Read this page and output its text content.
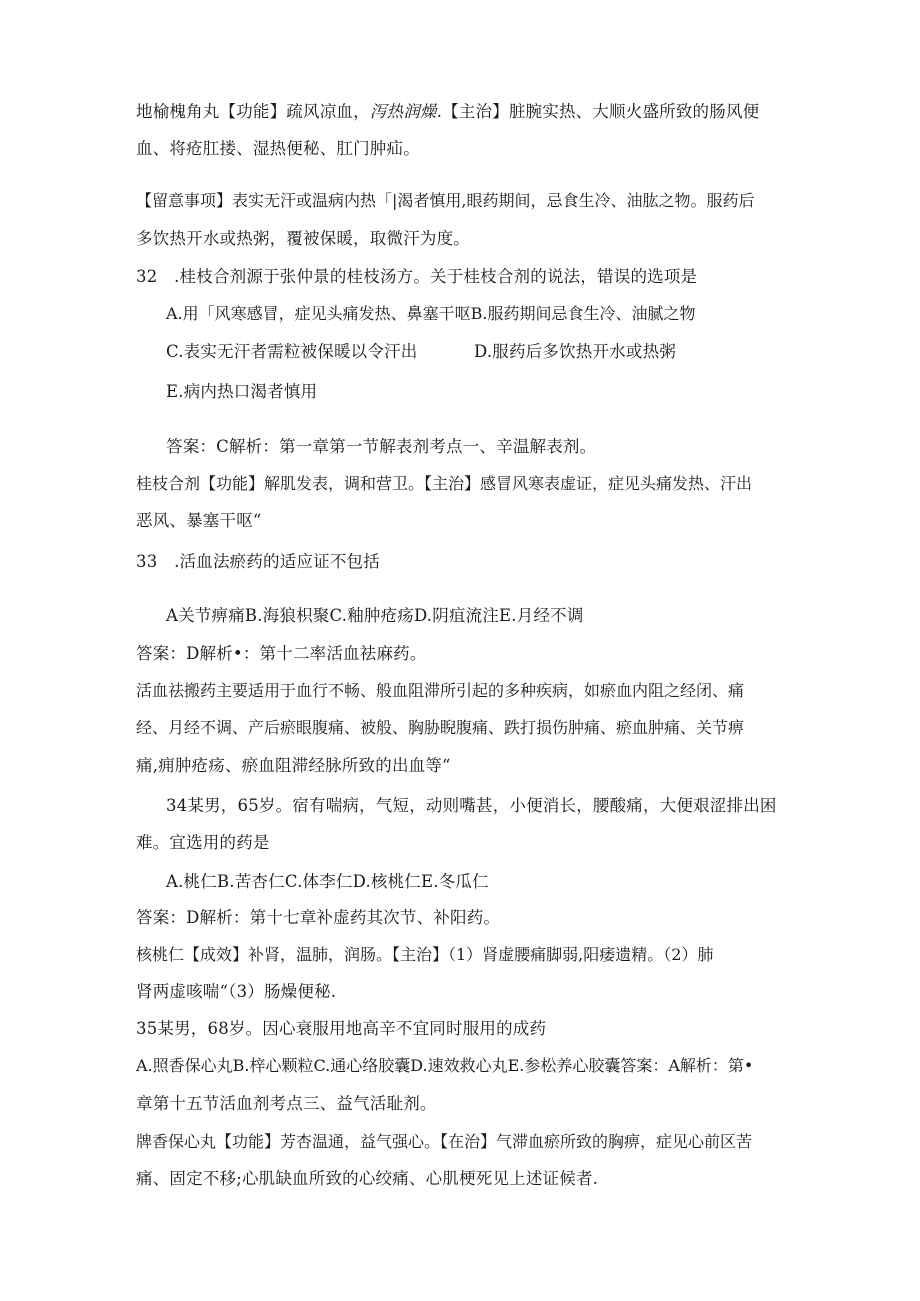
地榆槐角丸【功能】疏风凉血，泻热润燥.【主治】脏腕实热、大顺火盛所致的肠风便
血、将疮肛搂、湿热便秘、肛门肿疝。
【留意事项】表实无汗或温病内热「|渴者慎用,眼药期间，忌食生冷、油肱之物。服药后
多饮热开水或热粥，覆被保暖，取微汗为度。
32　.桂枝合剂源于张仲景的桂枝汤方。关于桂枝合剂的说法，错误的选项是
A.用「风寒感冒，症见头痛发热、鼻塞干呕B.服药期间忌食生冷、油腻之物
C.表实无汗者需粒被保暖以令汗出	D.服药后多饮热开水或热粥
E.病内热口渴者慎用
答案：C解析：第一章第一节解表剂考点一、辛温解表剂。
桂枝合剂【功能】解肌发表，调和营卫。【主治】感冒风寒表虚证，症见头痛发热、汗出
恶风、暴塞干呕“
33　.活血法瘀药的适应证不包括
A关节痹痛B.海狼枳聚C.釉肿疮疡D.阴疽流注E.月经不调
答案：D解析•：第十二率活血祛麻药。
活血祛搬药主要适用于血行不畅、般血阻滞所引起的多种疾病，如瘀血内阻之经闭、痛
经、月经不调、产后瘀眼腹痛、被般、胸胁睨腹痛、跌打损伤肿痛、瘀血肿痛、关节痹
痛,痈肿疮疡、瘀血阻滞经脉所致的出血等“
34某男，65岁。宿有喘病，气短，动则嘴甚，小便消长，腰酸痛，大便艰涩排出困
难。宜选用的药是
A.桃仁B.苦杏仁C.体李仁D.核桃仁E.冬瓜仁
答案：D解析：第十七章补虚药其次节、补阳药。
核桃仁【成效】补肾，温肺，润肠。【主治】（1）肾虚腰痛脚弱,阳痿遗精。（2）肺
肾两虚咳喘“（3）肠燥便秘.
35某男，68岁。因心衰服用地高辛不宜同时服用的成药
A.照香保心丸B.梓心颗粒C.通心络胶囊D.速效救心丸E.参松养心胶囊答案：A解析：第•
章第十五节活血剂考点三、益气活耻剂。
牌香保心丸【功能】芳杏温通，益气强心。【在治】气滞血瘀所致的胸痹，症见心前区苦
痛、固定不移;心肌缺血所致的心绞痛、心肌梗死见上述证候者.
